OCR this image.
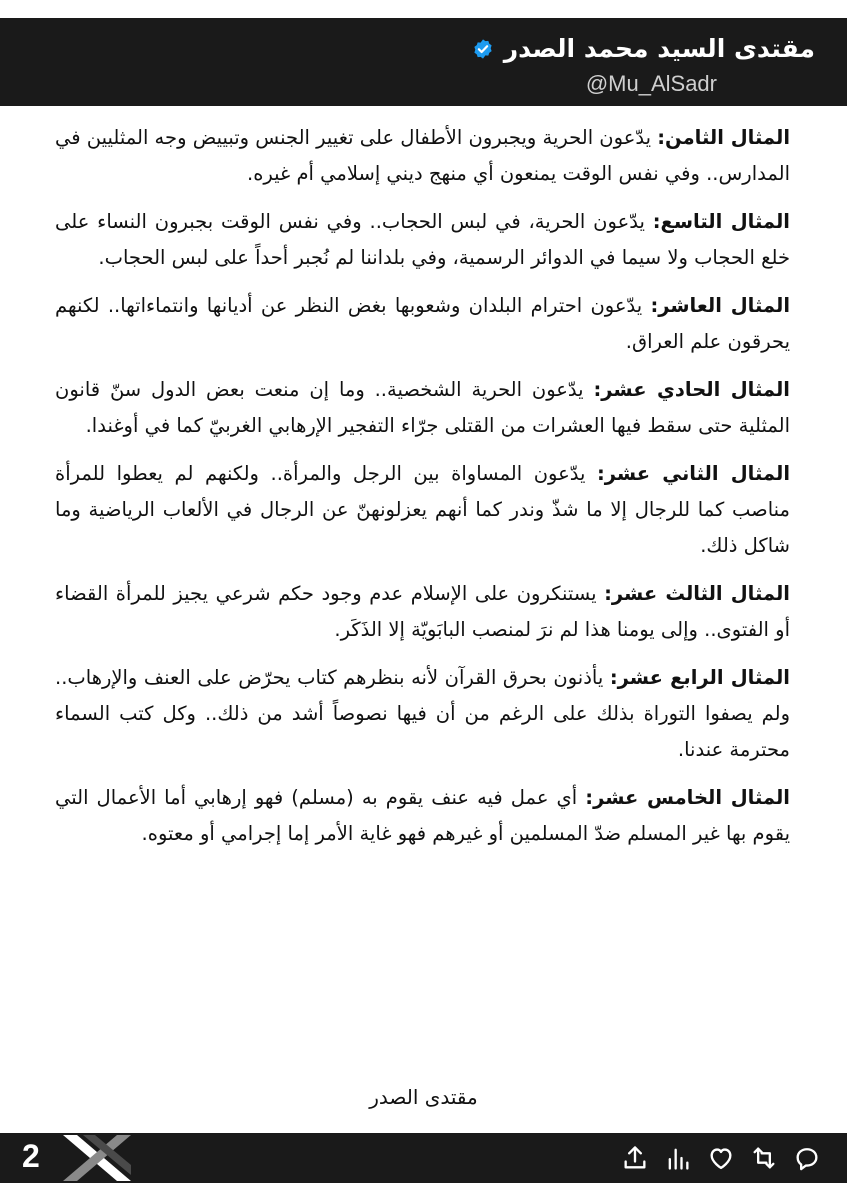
مقتدى السيد محمد الصدر
@Mu_AlSadr

المثال الثامن: يدّعون الحرية ويجبرون الأطفال على تغيير الجنس وتبييض وجه المثليين في المدارس.. وفي نفس الوقت يمنعون أي منهج ديني إسلامي أم غيره.

المثال التاسع: يدّعون الحرية، في لبس الحجاب.. وفي نفس الوقت بجبرون النساء على خلع الحجاب ولا سيما في الدوائر الرسمية، وفي بلداننا لم نُجبر أحداً على لبس الحجاب.

المثال العاشر: يدّعون احترام البلدان وشعوبها بغض النظر عن أديانها وانتماءاتها.. لكنهم يحرقون علم العراق.

المثال الحادي عشر: يدّعون الحرية الشخصية.. وما إن منعت بعض الدول سنّ قانون المثلية حتى سقط فيها العشرات من القتلى جرّاء التفجير الإرهابي الغربيّ كما في أوغندا.

المثال الثاني عشر: يدّعون المساواة بين الرجل والمرأة.. ولكنهم لم يعطوا للمرأة مناصب كما للرجال إلا ما شذّ وندر كما أنهم يعزلونهنّ عن الرجال في الألعاب الرياضية وما شاكل ذلك.

المثال الثالث عشر: يستنكرون على الإسلام عدم وجود حكم شرعي يجيز للمرأة القضاء أو الفتوى.. وإلى يومنا هذا لم نرَ لمنصب البابَويّة إلا الذَكَر.

المثال الرابع عشر: يأذنون بحرق القرآن لأنه بنظرهم كتاب يحرّض على العنف والإرهاب.. ولم يصفوا التوراة بذلك على الرغم من أن فيها نصوصاً أشد من ذلك.. وكل كتب السماء محترمة عندنا.

المثال الخامس عشر: أي عمل فيه عنف يقوم به (مسلم) فهو إرهابي أما الأعمال التي يقوم بها غير المسلم ضدّ المسلمين أو غيرهم فهو غاية الأمر إما إجرامي أو معتوه.

مقتدى الصدر
2
